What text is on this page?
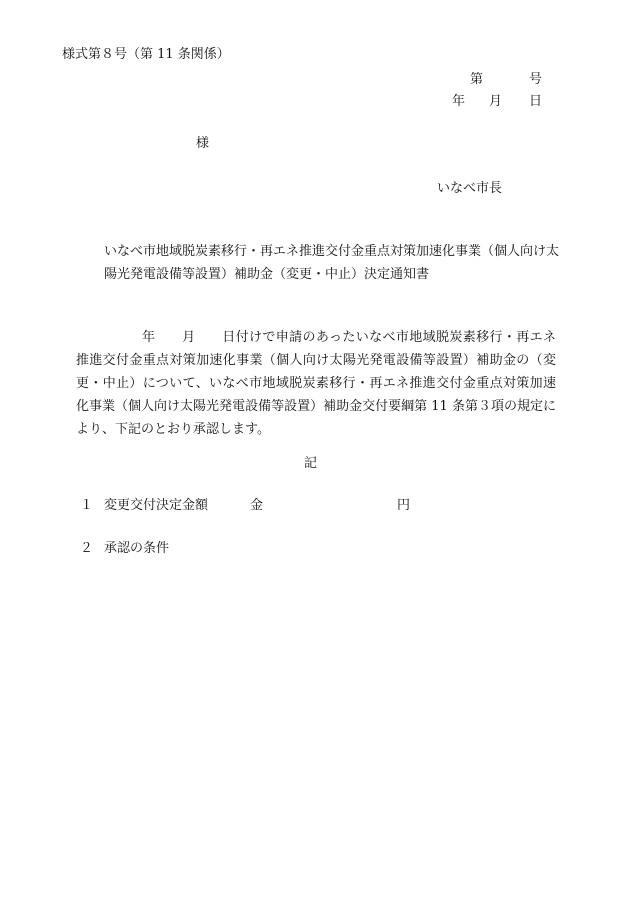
様式第８号（第 11 条関係）
第	号
年 月 日
様
いなべ市長
いなべ市地域脱炭素移行・再エネ推進交付金重点対策加速化事業（個人向け太陽光発電設備等設置）補助金（変更・中止）決定通知書
年　　月　　日付けで申請のあったいなべ市地域脱炭素移行・再エネ推進交付金重点対策加速化事業（個人向け太陽光発電設備等設置）補助金の（変更・中止）について、いなべ市地域脱炭素移行・再エネ推進交付金重点対策加速化事業（個人向け太陽光発電設備等設置）補助金交付要綱第 11 条第３項の規定により、下記のとおり承認します。
記
１ 変更交付決定金額	金	円
２ 承認の条件
